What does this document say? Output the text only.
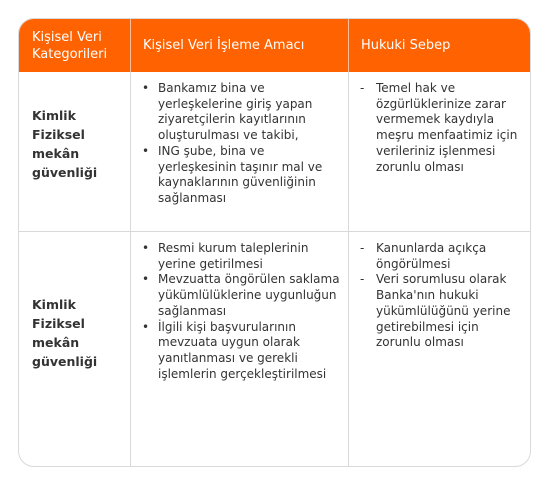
Kişisel Veri Kategorileri
Kişisel Veri İşleme Amacı	Hukuki Sebep
Kimlik Fiziksel mekân güvenliği
• Bankamız bina ve yerleşkelerine giriş yapan ziyaretçilerin kayıtlarının oluşturulması ve takibi,
• ING şube, bina ve yerleşkesinin taşınır mal ve kaynaklarının güvenliğinin sağlanması
- Temel hak ve özgürlüklerinize zarar vermemek kaydıyla meşru menfaatimiz için verileriniz işlenmesi zorunlu olması
Kimlik Fiziksel mekân güvenliği
• Resmi kurum taleplerinin yerine getirilmesi
• Mevzuatta öngörülen saklama yükümlülüklerine uygunluğun sağlanması
• İlgili kişi başvurularının mevzuata uygun olarak yanıtlanması ve gerekli işlemlerin gerçekleştirilmesi
- Kanunlarda açıkça öngörülmesi
- Veri sorumlusu olarak Banka'nın hukuki yükümlülüğünü yerine getirebilmesi için zorunlu olması
